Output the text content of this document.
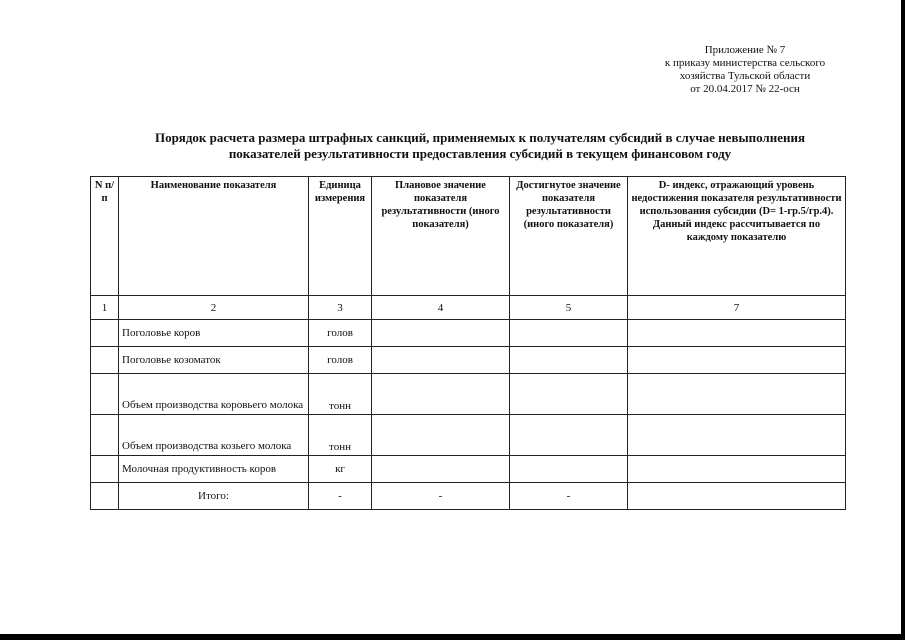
Приложение № 7
к приказу министерства сельского
хозяйства Тульской области
от 20.04.2017 № 22-осн
Порядок расчета размера штрафных санкций, применяемых к получателям субсидий в случае невыполнения
показателей результативности предоставления субсидий в текущем финансовом году
N п/п	Наименование показателя	Единица измерения	Плановое значение показателя результативности (иного показателя)	Достигнутое значение показателя результативности (иного показателя)	D- индекс, отражающий уровень недостижения показателя результативности использования субсидии (D= 1-гр.5/гр.4). Данный индекс рассчитывается по каждому показателю
1	2	3	4	5	7
	Поголовье коров	голов			
	Поголовье козоматок	голов			
	Объем производства коровьего молока	тонн			
	Объем производства козьего молока	тонн			
	Молочная продуктивность коров	кг			
	Итого:	-	-	-	
